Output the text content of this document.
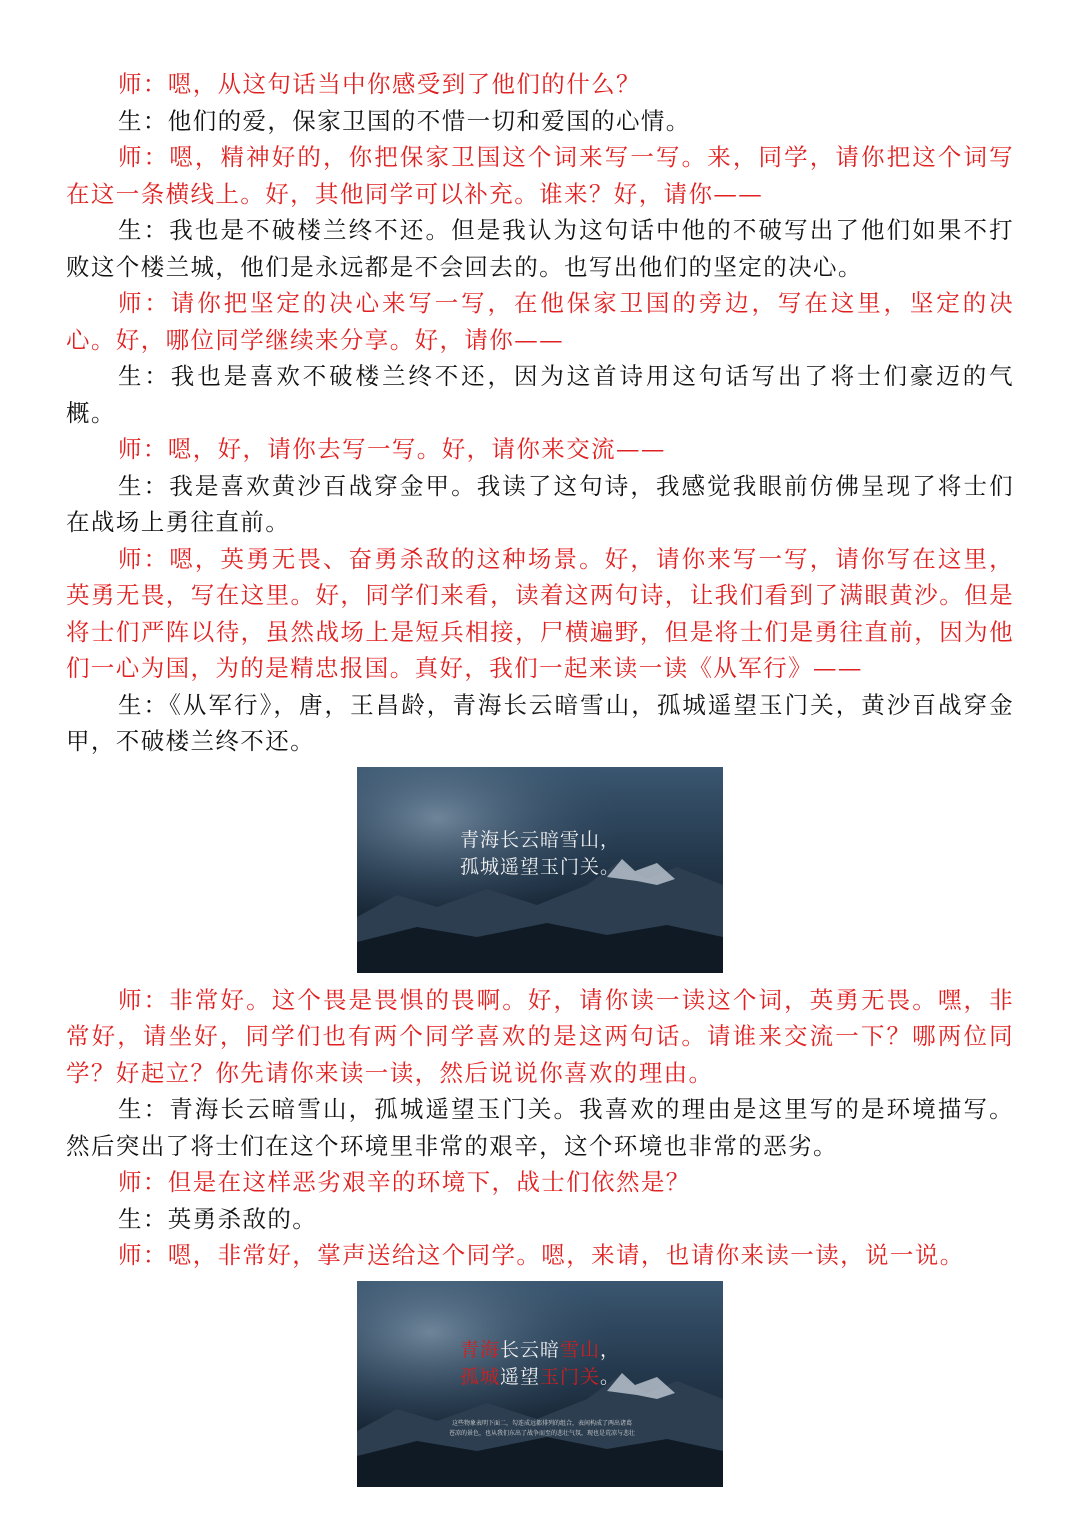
师：嗯，从这句话当中你感受到了他们的什么？

生：他们的爱，保家卫国的不惜一切和爱国的心情。

师：嗯，精神好的，你把保家卫国这个词来写一写。来，同学，请你把这个词写在这一条横线上。好，其他同学可以补充。谁来？好，请你——

生：我也是不破楼兰终不还。但是我认为这句话中他的不破写出了他们如果不打败这个楼兰城，他们是永远都是不会回去的。也写出他们的坚定的决心。

师：请你把坚定的决心来写一写，在他保家卫国的旁边，写在这里，坚定的决心。好，哪位同学继续来分享。好，请你——

生：我也是喜欢不破楼兰终不还，因为这首诗用这句话写出了将士们豪迈的气概。

师：嗯，好，请你去写一写。好，请你来交流——

生：我是喜欢黄沙百战穿金甲。我读了这句诗，我感觉我眼前仿佛呈现了将士们在战场上勇往直前。

师：嗯，英勇无畏、奋勇杀敌的这种场景。好，请你来写一写，请你写在这里，英勇无畏，写在这里。好，同学们来看，读着这两句诗，让我们看到了满眼黄沙。但是将士们严阵以待，虽然战场上是短兵相接，尸横遍野，但是将士们是勇往直前，因为他们一心为国，为的是精忠报国。真好，我们一起来读一读《从军行》——

生：《从军行》，唐，王昌龄，青海长云暗雪山，孤城遥望玉门关，黄沙百战穿金甲，不破楼兰终不还。

青海长云暗雪山，
孤城遥望玉门关。

师：非常好。这个畏是畏惧的畏啊。好，请你读一读这个词，英勇无畏。嘿，非常好，请坐好，同学们也有两个同学喜欢的是这两句话。请谁来交流一下？哪两位同学？好起立？你先请你来读一读，然后说说你喜欢的理由。

生：青海长云暗雪山，孤城遥望玉门关。我喜欢的理由是这里写的是环境描写。然后突出了将士们在这个环境里非常的艰辛，这个环境也非常的恶劣。

师：但是在这样恶劣艰辛的环境下，战士们依然是？

生：英勇杀敌的。

师：嗯，非常好，掌声送给这个同学。嗯，来请，也请你来读一读，说一说。

青海长云暗雪山，
孤城遥望玉门关。
这些物象表明下面二，勾连成远都排列的组合，表间构成了两出诸葛
苍凉的景色，也从我们东出了战争而至的悲壮气氛，现也是荒凉与悲壮
